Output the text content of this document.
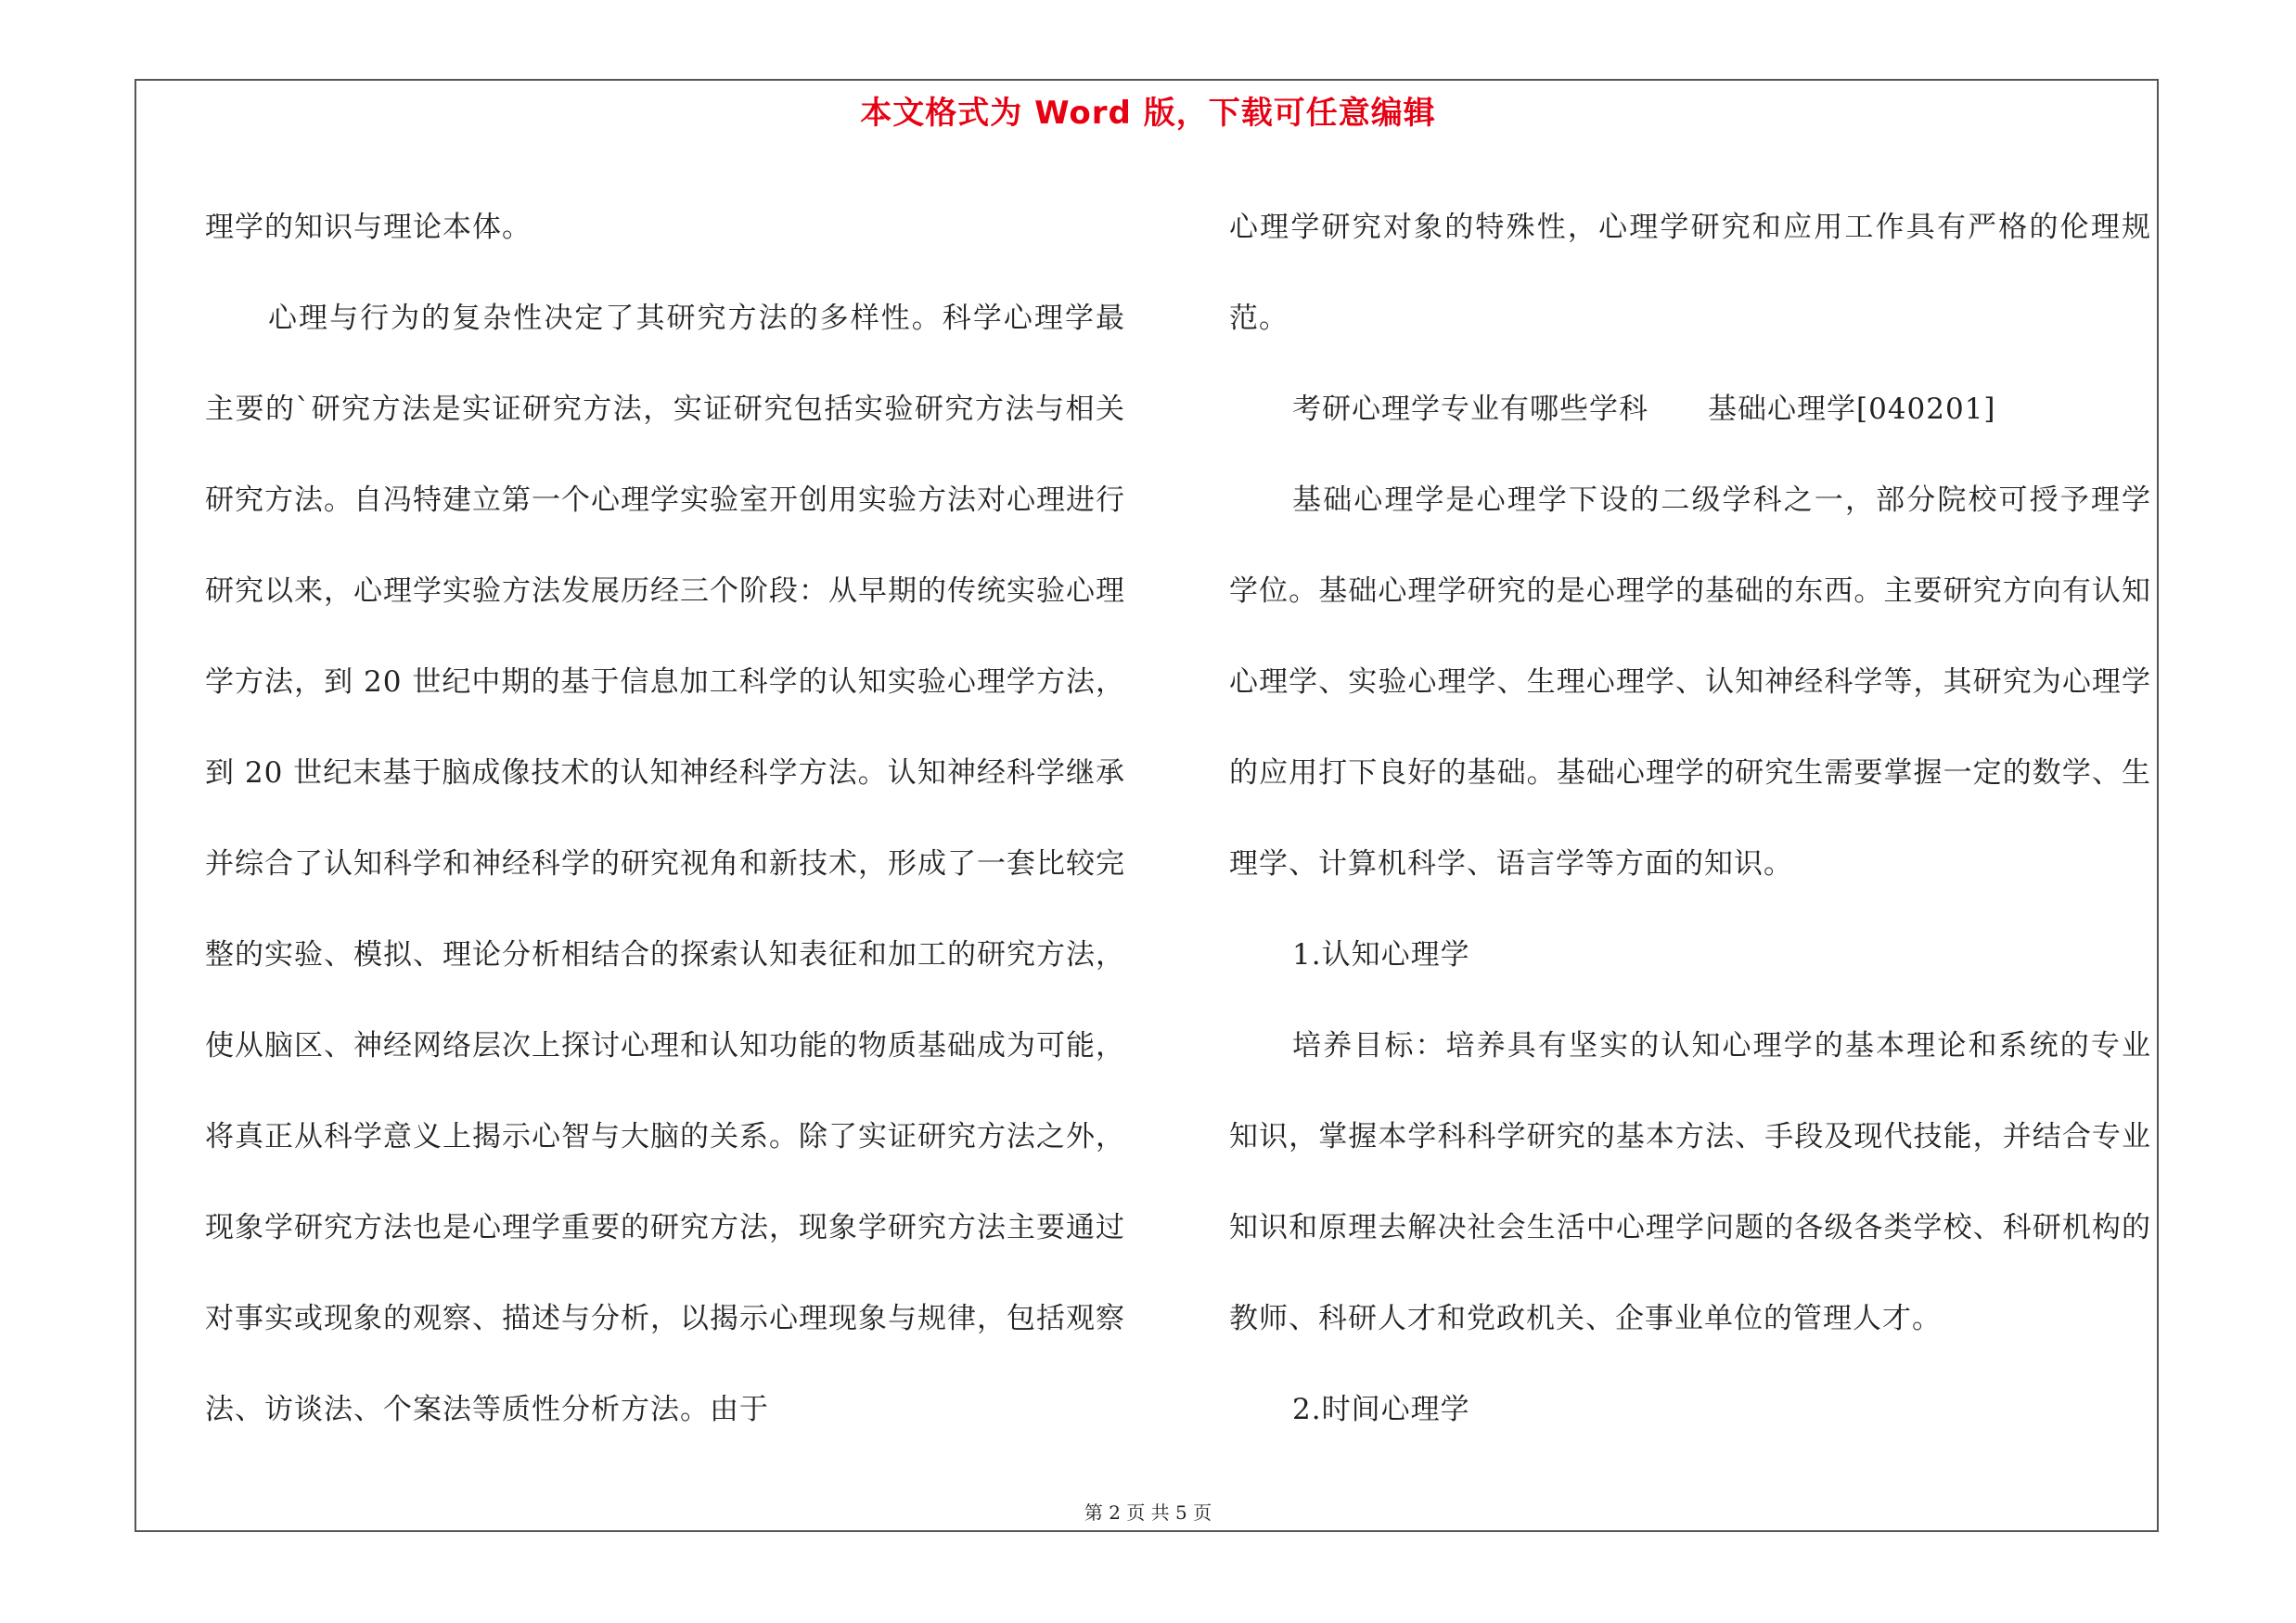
本文格式为 Word 版，下载可任意编辑

理学的知识与理论本体。

心理与行为的复杂性决定了其研究方法的多样性。科学心理学最主要的`研究方法是实证研究方法，实证研究包括实验研究方法与相关研究方法。自冯特建立第一个心理学实验室开创用实验方法对心理进行研究以来，心理学实验方法发展历经三个阶段：从早期的传统实验心理学方法，到 20 世纪中期的基于信息加工科学的认知实验心理学方法，到 20 世纪末基于脑成像技术的认知神经科学方法。认知神经科学继承并综合了认知科学和神经科学的研究视角和新技术，形成了一套比较完整的实验、模拟、理论分析相结合的探索认知表征和加工的研究方法，使从脑区、神经网络层次上探讨心理和认知功能的物质基础成为可能，将真正从科学意义上揭示心智与大脑的关系。除了实证研究方法之外，现象学研究方法也是心理学重要的研究方法，现象学研究方法主要通过对事实或现象的观察、描述与分析，以揭示心理现象与规律，包括观察法、访谈法、个案法等质性分析方法。由于

心理学研究对象的特殊性，心理学研究和应用工作具有严格的伦理规范。

考研心理学专业有哪些学科　　基础心理学[040201]

基础心理学是心理学下设的二级学科之一，部分院校可授予理学学位。基础心理学研究的是心理学的基础的东西。主要研究方向有认知心理学、实验心理学、生理心理学、认知神经科学等，其研究为心理学的应用打下良好的基础。基础心理学的研究生需要掌握一定的数学、生理学、计算机科学、语言学等方面的知识。

1.认知心理学

培养目标：培养具有坚实的认知心理学的基本理论和系统的专业知识，掌握本学科科学研究的基本方法、手段及现代技能，并结合专业知识和原理去解决社会生活中心理学问题的各级各类学校、科研机构的教师、科研人才和党政机关、企事业单位的管理人才。

2.时间心理学

第 2 页 共 5 页
